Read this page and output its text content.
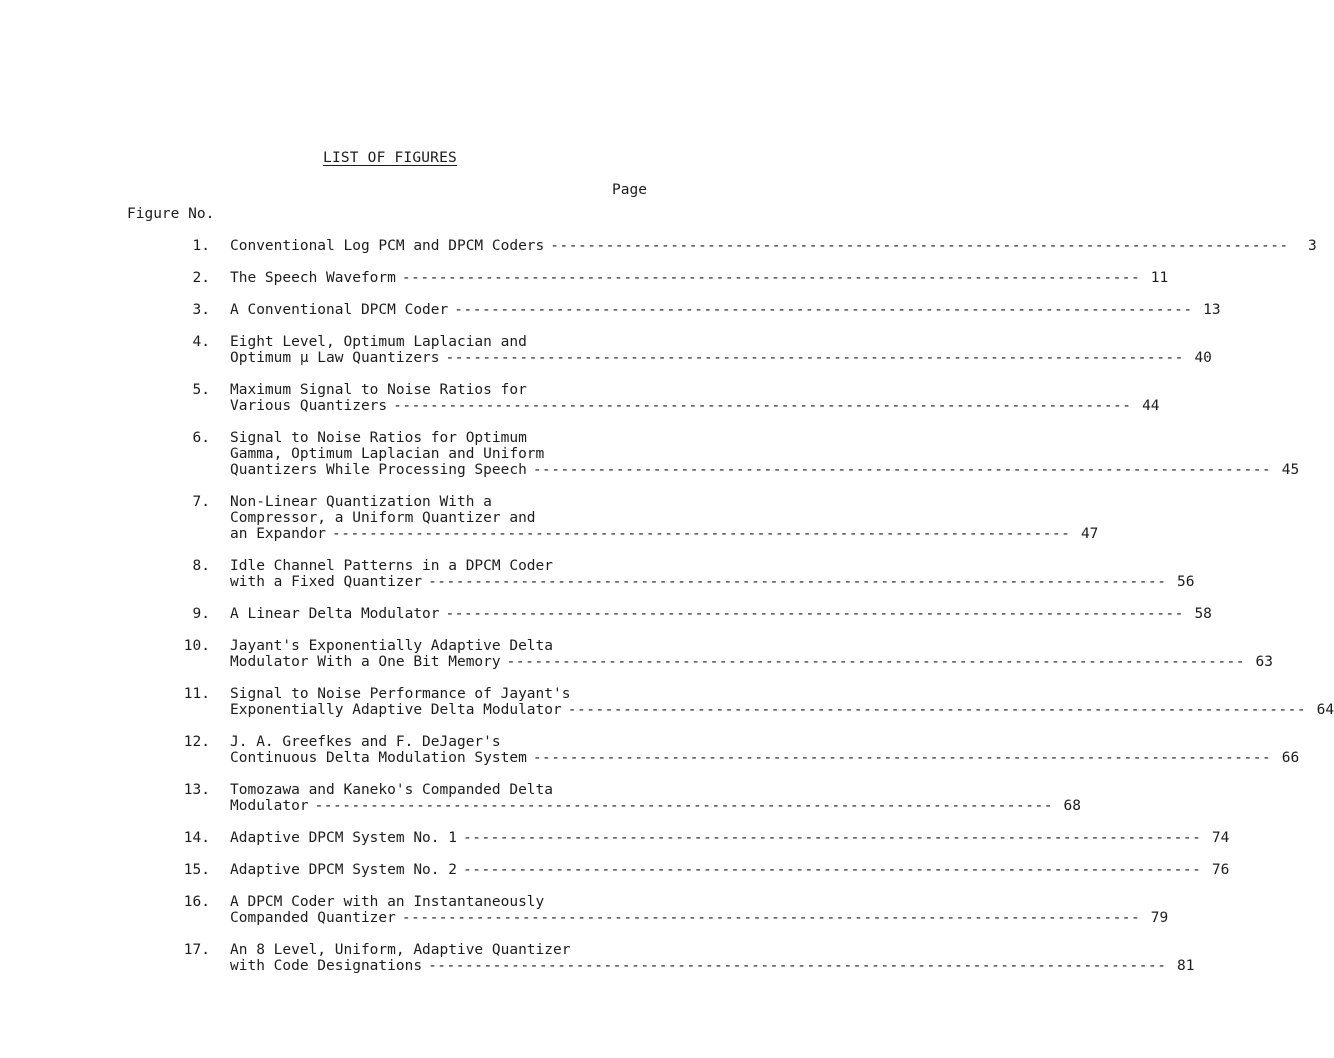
LIST OF FIGURES
Page
Figure No.
1. Conventional Log PCM and DPCM Coders --------------------------------------------------------------------------------	3
2. The Speech Waveform -------------------------------------------------------------------------------- 11
3. A Conventional DPCM Coder -------------------------------------------------------------------------------- 13
4. Eight Level, Optimum Laplacian and
Optimum μ Law Quantizers -------------------------------------------------------------------------------- 40
5. Maximum Signal to Noise Ratios for
Various Quantizers -------------------------------------------------------------------------------- 44
6. Signal to Noise Ratios for Optimum
Gamma, Optimum Laplacian and Uniform
Quantizers While Processing Speech -------------------------------------------------------------------------------- 45
7. Non-Linear Quantization With a
Compressor, a Uniform Quantizer and
an Expandor -------------------------------------------------------------------------------- 47
8. Idle Channel Patterns in a DPCM Coder
with a Fixed Quantizer -------------------------------------------------------------------------------- 56
9. A Linear Delta Modulator -------------------------------------------------------------------------------- 58
10. Jayant's Exponentially Adaptive Delta
Modulator With a One Bit Memory -------------------------------------------------------------------------------- 63
11. Signal to Noise Performance of Jayant's
Exponentially Adaptive Delta Modulator -------------------------------------------------------------------------------- 64
12. J. A. Greefkes and F. DeJager's
Continuous Delta Modulation System -------------------------------------------------------------------------------- 66
13. Tomozawa and Kaneko's Companded Delta
Modulator -------------------------------------------------------------------------------- 68
14. Adaptive DPCM System No. 1 -------------------------------------------------------------------------------- 74
15. Adaptive DPCM System No. 2 -------------------------------------------------------------------------------- 76
16. A DPCM Coder with an Instantaneously
Companded Quantizer -------------------------------------------------------------------------------- 79
17. An 8 Level, Uniform, Adaptive Quantizer
with Code Designations -------------------------------------------------------------------------------- 81
